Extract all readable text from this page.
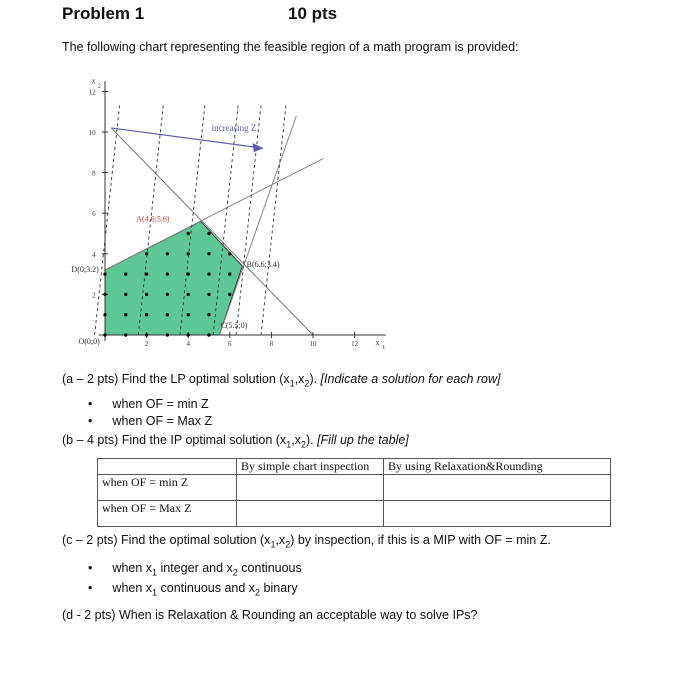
Problem 1	10 pts
The following chart representing the feasible region of a math program is provided:
increasing Z
12
10
8
6
4
2
2	4	6	8	10	12
x
2
x
1
A(4.6;5.6)
B(6.6;3.4)
C(5.5;0)
D(0;3.2)
O(0;0)
(a – 2 pts) Find the LP optimal solution $(x_1,x_2)$. [Indicate a solution for each row]
• when OF = min Z
• when OF = Max Z
(b – 4 pts) Find the IP optimal solution $(x_1,x_2)$. [Fill up the table]
	By simple chart inspection	By using Relaxation&Rounding
when OF = min Z		
when OF = Max Z		
(c – 2 pts) Find the optimal solution $(x_1,x_2)$ by inspection, if this is a MIP with OF = min Z.
• when $x_1$ integer and $x_2$ continuous
• when $x_1$ continuous and $x_2$ binary
(d - 2 pts) When is Relaxation & Rounding an acceptable way to solve IPs?
